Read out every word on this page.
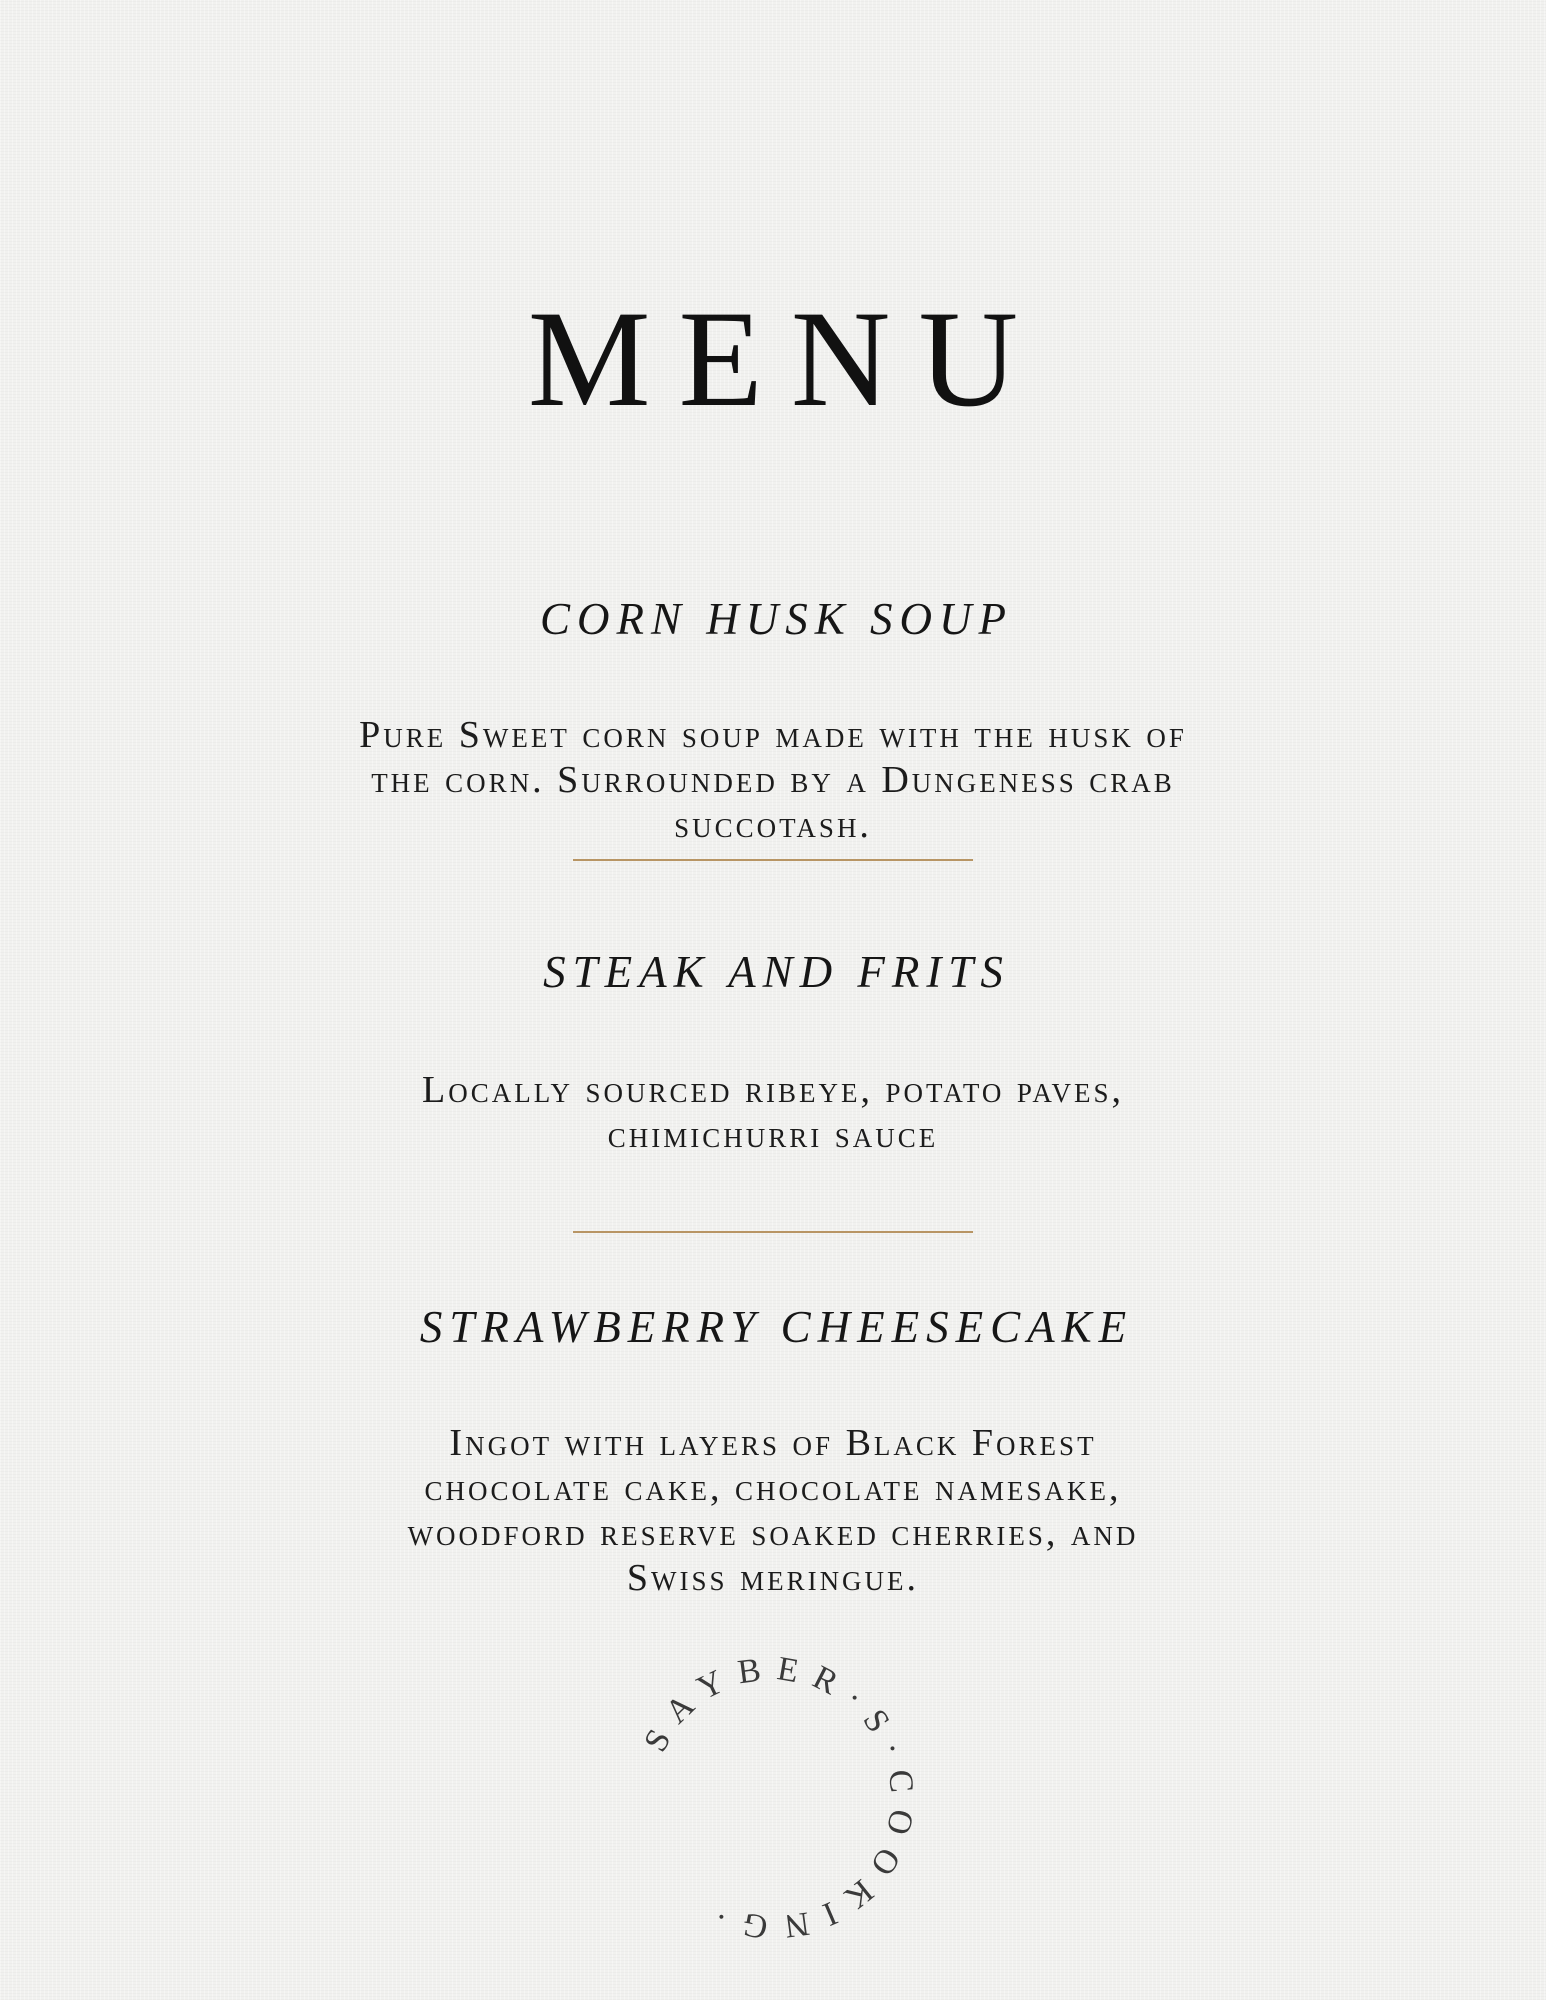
MENU
CORN HUSK SOUP

Pure Sweet corn soup made with the husk of the corn. Surrounded by a Dungeness crab succotash.

STEAK AND FRITS

Locally sourced ribeye, potato paves, chimichurri sauce

STRAWBERRY CHEESECAKE

Ingot with layers of Black Forest chocolate cake, chocolate namesake, woodford reserve soaked cherries, and Swiss meringue.

SAYBER·S·COOKING·
